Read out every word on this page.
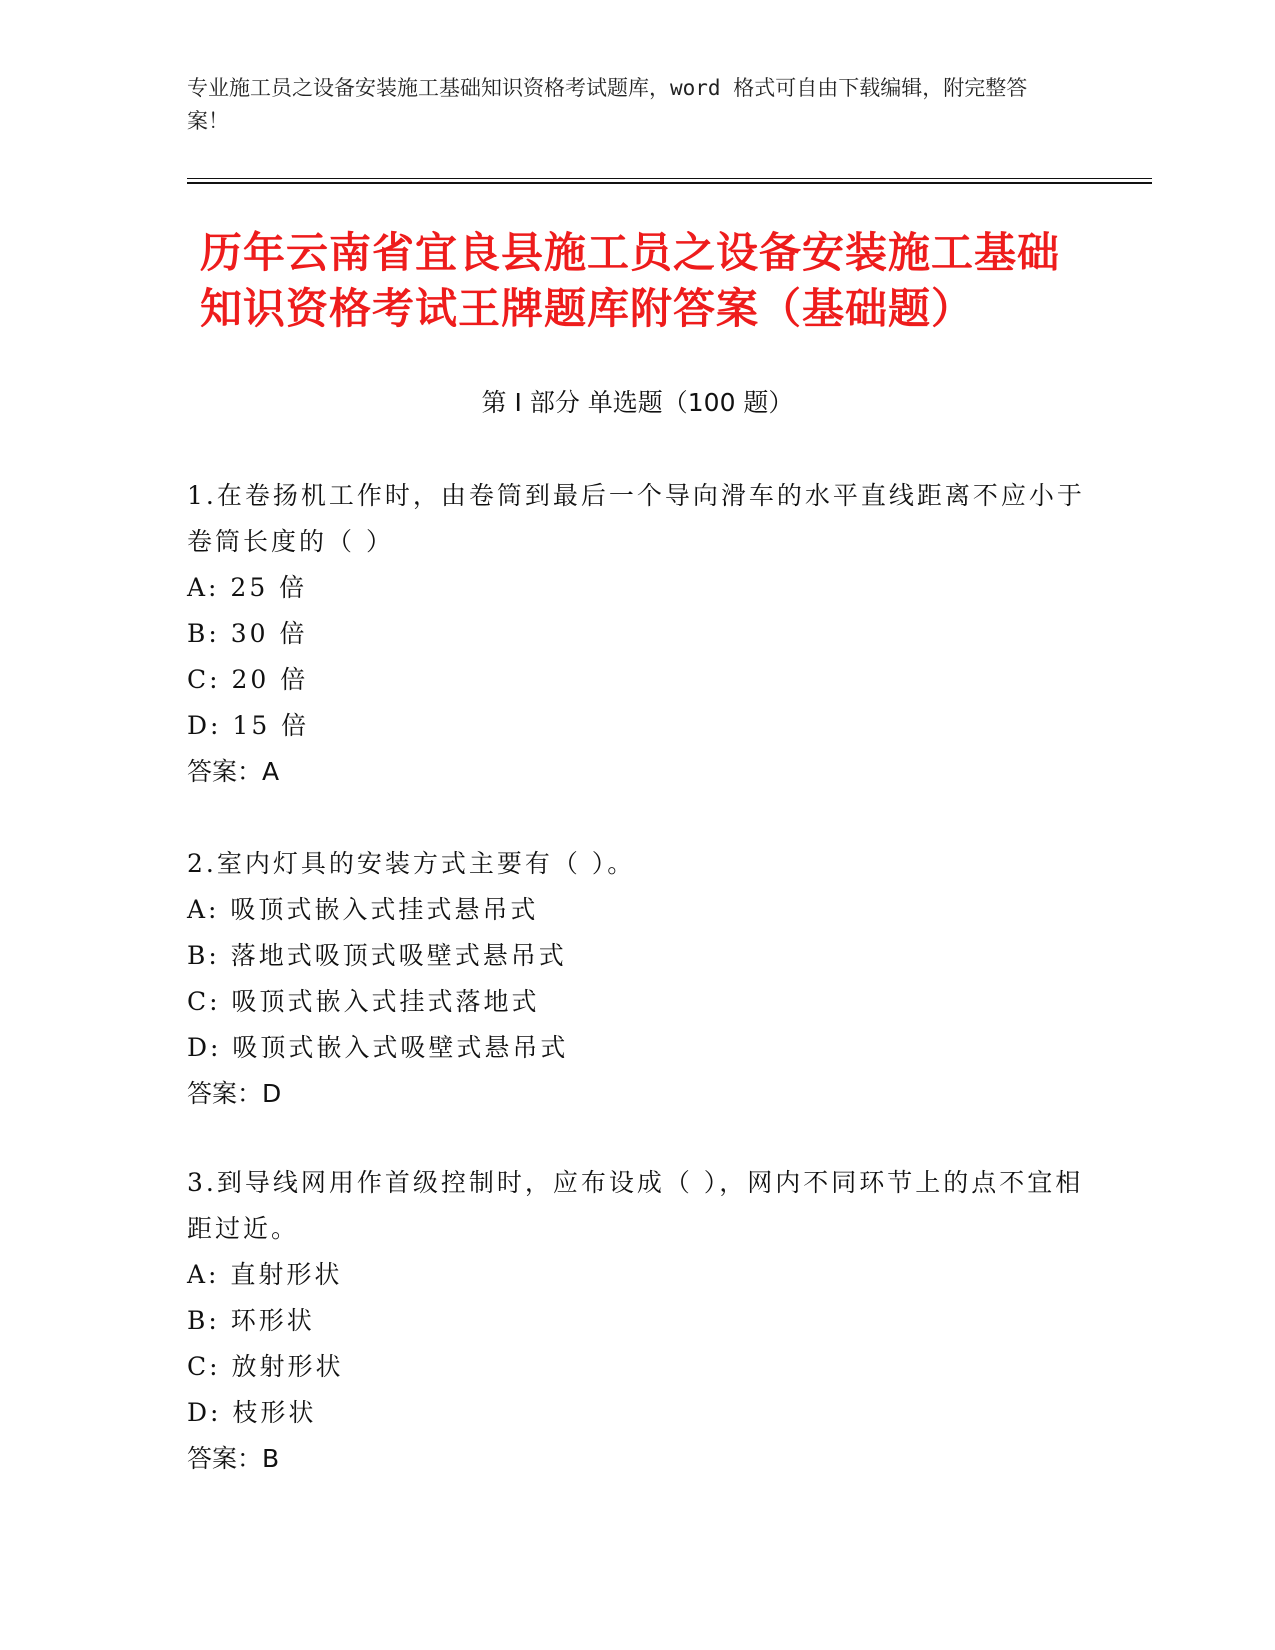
专业施工员之设备安装施工基础知识资格考试题库，word 格式可自由下载编辑，附完整答案！
历年云南省宜良县施工员之设备安装施工基础知识资格考试王牌题库附答案（基础题）
第 I 部分 单选题（100 题）

1.在卷扬机工作时，由卷筒到最后一个导向滑车的水平直线距离不应小于卷筒长度的（ ）

A: 25 倍

B: 30 倍

C: 20 倍

D: 15 倍

答案：A

2.室内灯具的安装方式主要有（ ）。

A: 吸顶式嵌入式挂式悬吊式

B: 落地式吸顶式吸壁式悬吊式

C: 吸顶式嵌入式挂式落地式

D: 吸顶式嵌入式吸壁式悬吊式

答案：D

3.到导线网用作首级控制时，应布设成（ ），网内不同环节上的点不宜相距过近。

A: 直射形状

B: 环形状

C: 放射形状

D: 枝形状

答案：B
